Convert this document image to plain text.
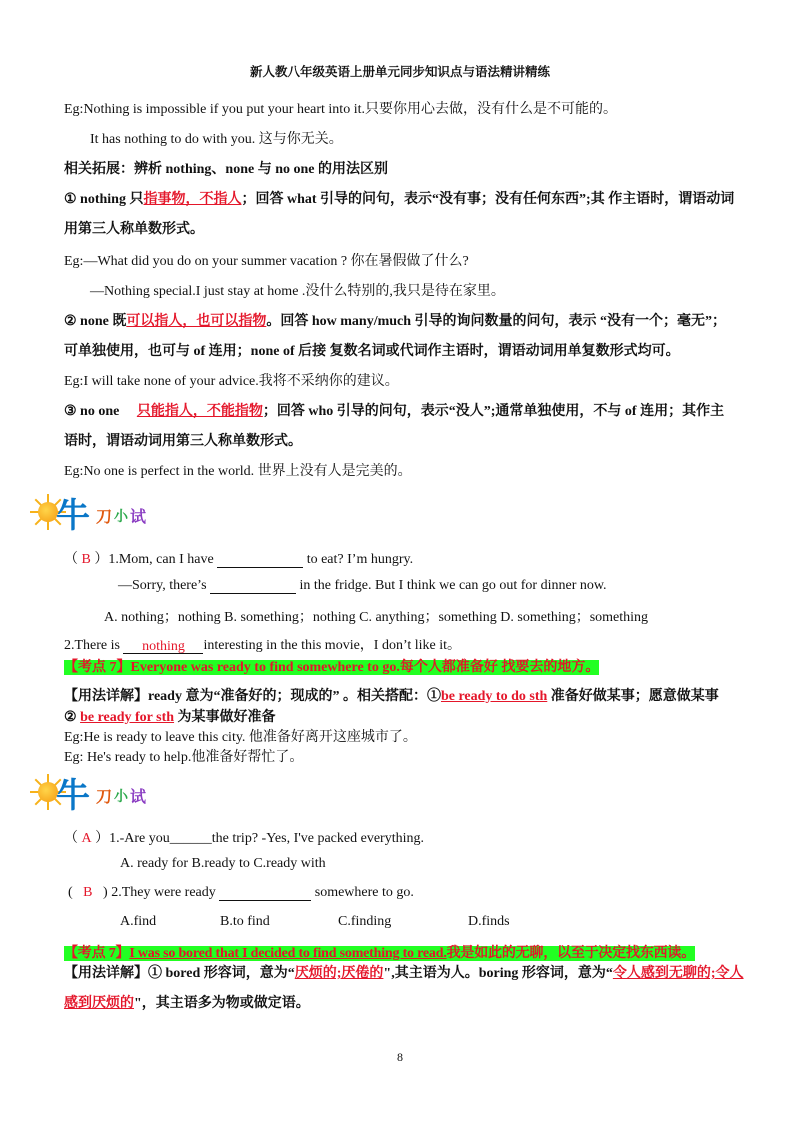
新人教八年级英语上册单元同步知识点与语法精讲精练
Eg:Nothing is impossible if you put your heart into it.只要你用心去做，没有什么是不可能的。
It has nothing to do with you. 这与你无关。
相关拓展：辨析 nothing、none 与 no one 的用法区别
① nothing 只指事物，不指人；回答 what 引导的问句，表示“没有事；没有任何东西”;其 作主语时，谓语动词
用第三人称单数形式。
Eg:—What did you do on your summer vacation ? 你在暑假做了什么?
—Nothing special.I just stay at home .没什么特别的,我只是待在家里。
② none 既可以指人，也可以指物。回答 how many/much 引导的询问数量的问句，表示 “没有一个；毫无”；
可单独使用，也可与 of 连用；none of 后接 复数名词或代词作主语时，谓语动词用单复数形式均可。
Eg:I will take none of your advice.我将不采纳你的建议。
③ no one 只能指人，不能指物；回答 who 引导的问句，表示“没人”;通常单独使用，不与 of 连用；其作主
语时，谓语动词用第三人称单数形式。
Eg:No one is perfect in the world. 世界上没有人是完美的。
牛 刀 小 试
（ B ）1.Mom, can I have	to eat? I’m hungry.
—Sorry, there’s	in the fridge. But I think we can go out for dinner now.
A. nothing；nothing B. something；nothing C. anything；something D. something；something
2.There is nothing interesting in the this movie，I don’t like it。
【考点 7】Everyone was ready to find somewhere to go.每个人都准备好 找要去的地方。
【用法详解】ready 意为“准备好的；现成的” 。相关搭配：①be ready to do sth 准备好做某事；愿意做某事
② be ready for sth 为某事做好准备
Eg:He is ready to leave this city. 他准备好离开这座城市了。
Eg: He's ready to help.他准备好帮忙了。
牛 刀 小 试
（ A ）1.-Are you______the trip? -Yes, I've packed everything.
A. ready for B.ready to C.ready with
( B ) 2.They were ready	somewhere to go.
A.find	B.to find	C.finding	D.finds
【考点 7】I was so bored that I decided to find something to read.我是如此的无聊，以至于决定找东西读。
【用法详解】① bored 形容词，意为“厌烦的;厌倦的",其主语为人。boring 形容词，意为“令人感到无聊的;令人
感到厌烦的"，其主语多为物或做定语。
8
